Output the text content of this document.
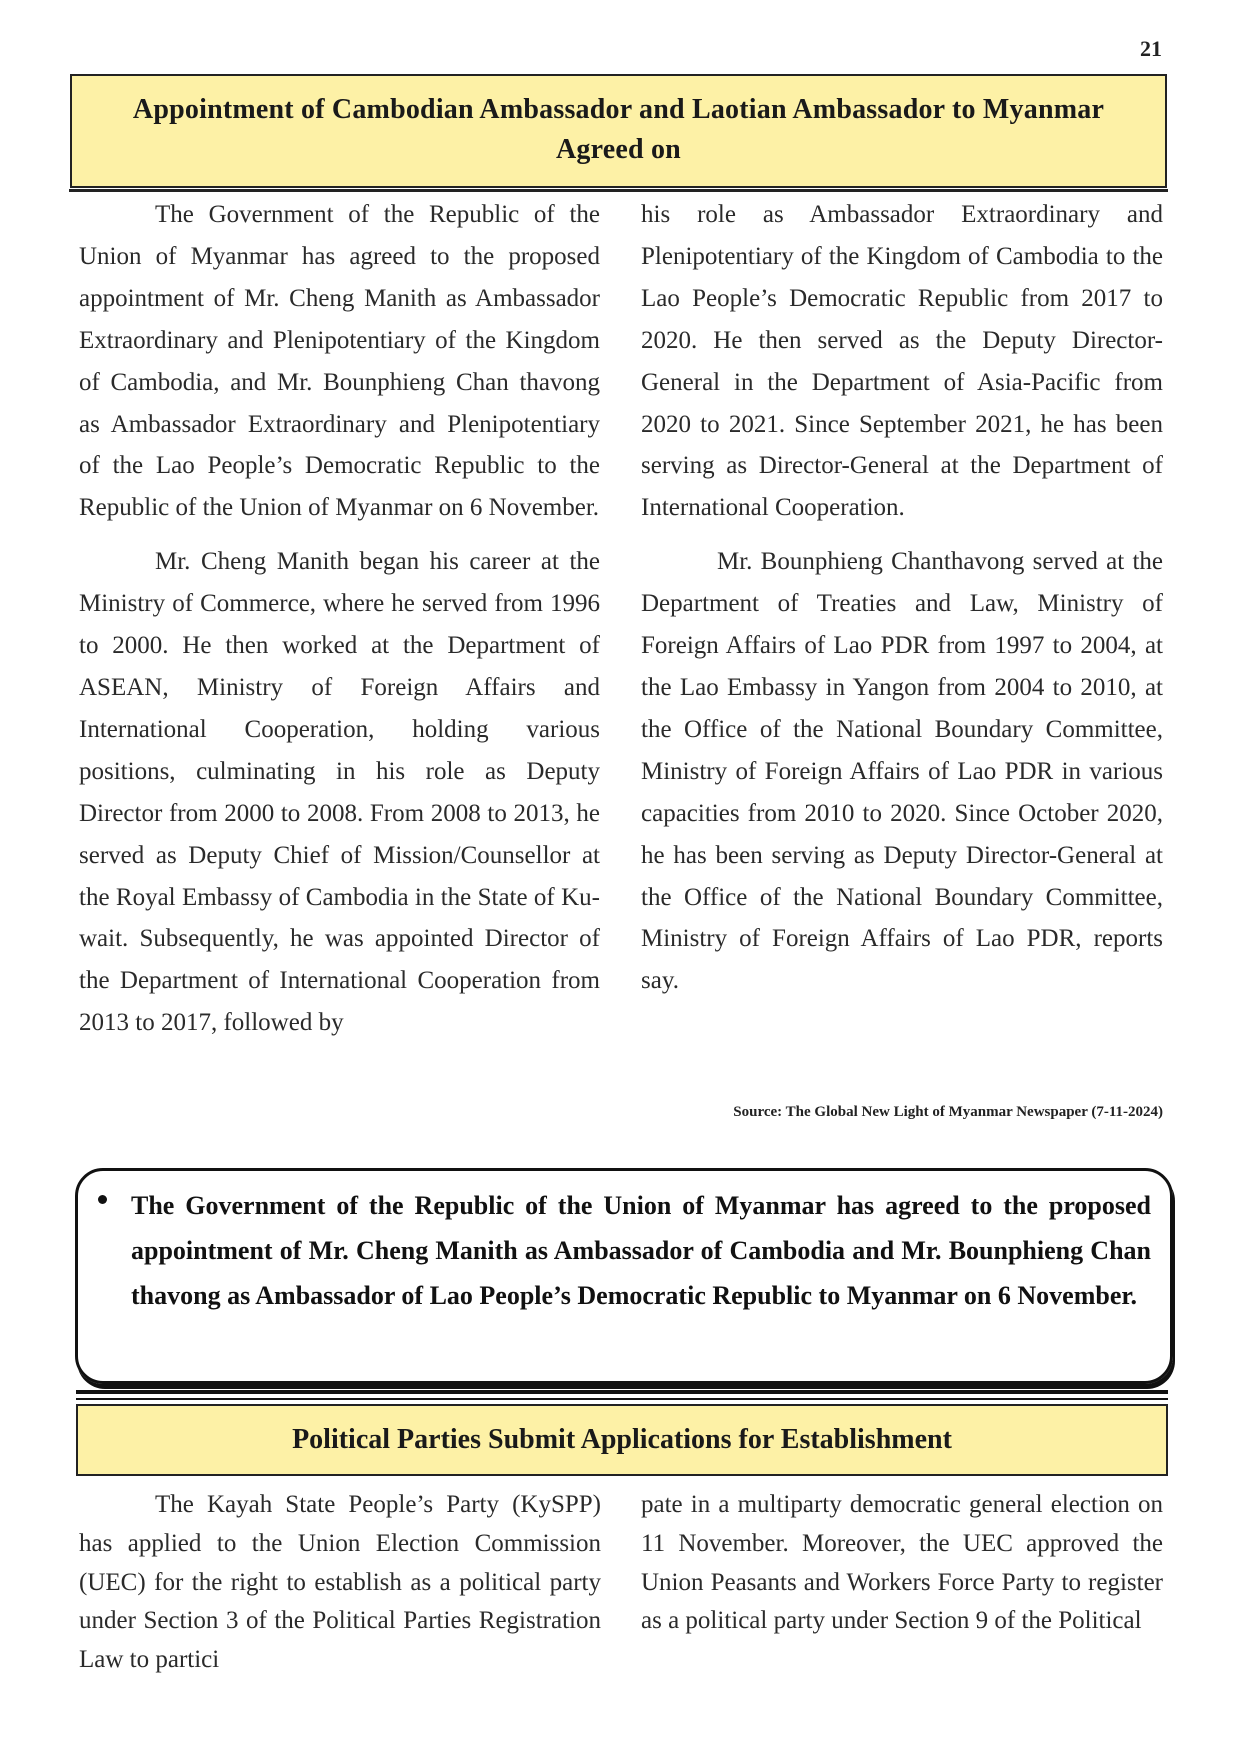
21
Appointment of Cambodian Ambassador and Laotian Ambassador to Myanmar
Agreed on

The Government of the Republic of the Union of Myanmar has agreed to the proposed appointment of Mr. Cheng Manith as Ambassador Extraordinary and Plenipotentiary of the Kingdom of Cambodia, and Mr. Bounphieng Chan thavong as Ambassador Extraordinary and Plenipotentiary of the Lao People’s Democratic Republic to the Republic of the Union of Myanmar on 6 November.

Mr. Cheng Manith began his career at the Ministry of Commerce, where he served from 1996 to 2000. He then worked at the Department of ASEAN, Ministry of Foreign Affairs and International Cooperation, holding various positions, culminating in his role as Deputy Director from 2000 to 2008. From 2008 to 2013, he served as Deputy Chief of Mission/Counsellor at the Royal Embassy of Cambodia in the State of Kuwait. Subsequently, he was appointed Director of the Department of International Cooperation from 2013 to 2017, followed by

his role as Ambassador Extraordinary and Plenipotentiary of the Kingdom of Cambodia to the Lao People’s Democratic Republic from 2017 to 2020. He then served as the Deputy Director-General in the Department of Asia-Pacific from 2020 to 2021. Since September 2021, he has been serving as Director-General at the Department of International Cooperation.

Mr. Bounphieng Chanthavong served at the Department of Treaties and Law, Ministry of Foreign Affairs of Lao PDR from 1997 to 2004, at the Lao Embassy in Yangon from 2004 to 2010, at the Office of the National Boundary Committee, Ministry of Foreign Affairs of Lao PDR in various capacities from 2010 to 2020. Since October 2020, he has been serving as Deputy Director-General at the Office of the National Boundary Committee, Ministry of Foreign Affairs of Lao PDR, reports say.

Source: The Global New Light of Myanmar Newspaper (7-11-2024)
The Government of the Republic of the Union of Myanmar has agreed to the proposed appointment of Mr. Cheng Manith as Ambassador of Cambodia and Mr. Bounphieng Chan thavong as Ambassador of Lao People’s Democratic Republic to Myanmar on 6 November.
Political Parties Submit Applications for Establishment

The Kayah State People’s Party (KySPP) has applied to the Union Election Commission (UEC) for the right to establish as a political party under Section 3 of the Political Parties Registration Law to partici

pate in a multiparty democratic general election on 11 November. Moreover, the UEC approved the Union Peasants and Workers Force Party to register as a political party under Section 9 of the Political
